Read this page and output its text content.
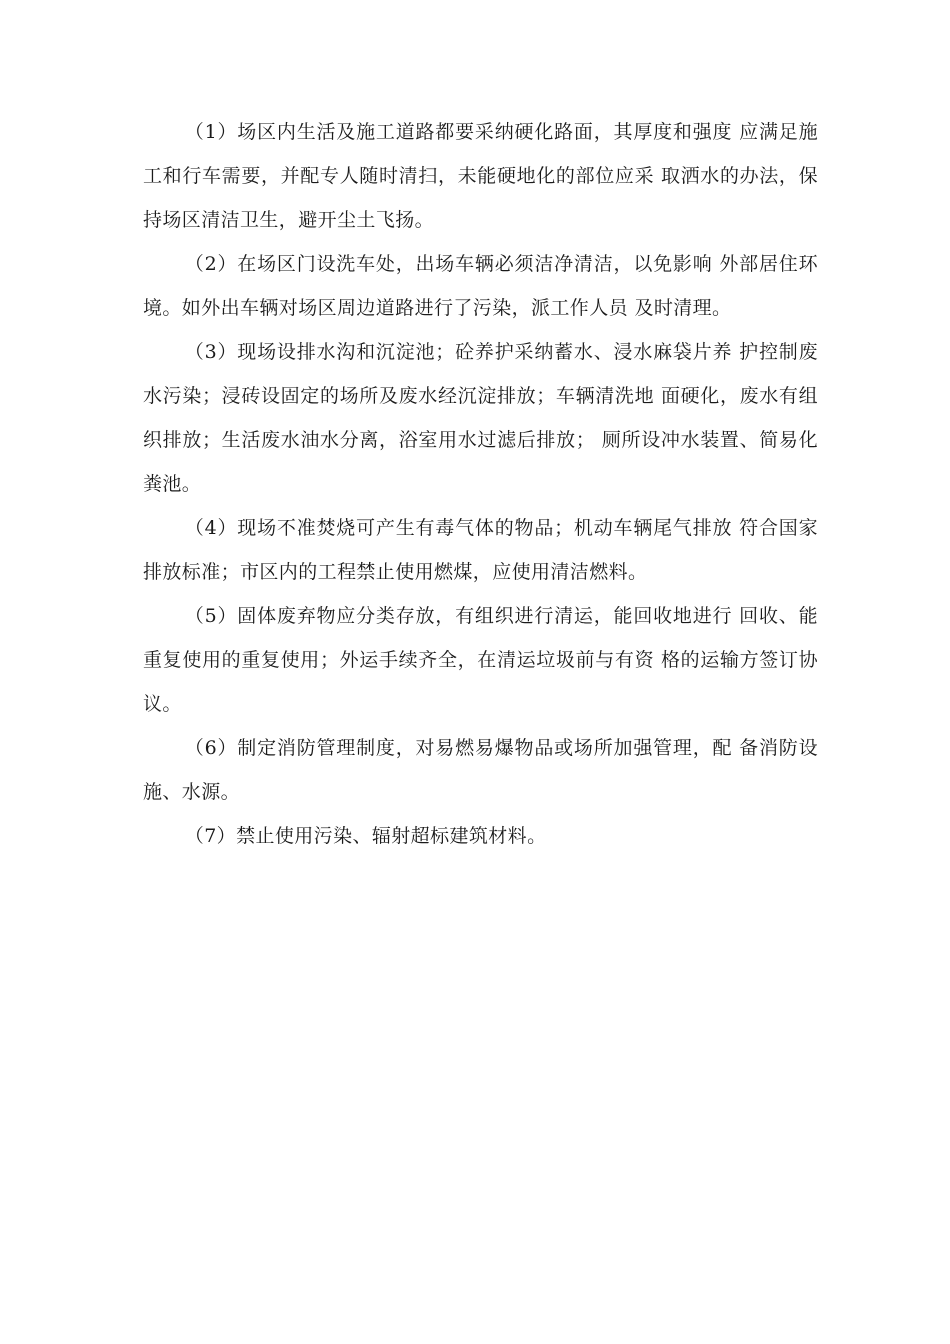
（1）场区内生活及施工道路都要采纳硬化路面，其厚度和强度 应满足施工和行车需要，并配专人随时清扫，未能硬地化的部位应采 取洒水的办法，保持场区清洁卫生，避开尘土飞扬。

（2）在场区门设洗车处，出场车辆必须洁净清洁，以免影响 外部居住环境。如外出车辆对场区周边道路进行了污染，派工作人员 及时清理。

（3）现场设排水沟和沉淀池；砼养护采纳蓄水、浸水麻袋片养 护控制废水污染；浸砖设固定的场所及废水经沉淀排放；车辆清洗地 面硬化，废水有组织排放；生活废水油水分离，浴室用水过滤后排放； 厕所设冲水装置、简易化粪池。

（4）现场不准焚烧可产生有毒气体的物品；机动车辆尾气排放 符合国家排放标准；市区内的工程禁止使用燃煤，应使用清洁燃料。

（5）固体废弃物应分类存放，有组织进行清运，能回收地进行 回收、能重复使用的重复使用；外运手续齐全，在清运垃圾前与有资 格的运输方签订协议。

（6）制定消防管理制度，对易燃易爆物品或场所加强管理，配 备消防设施、水源。

（7）禁止使用污染、辐射超标建筑材料。
